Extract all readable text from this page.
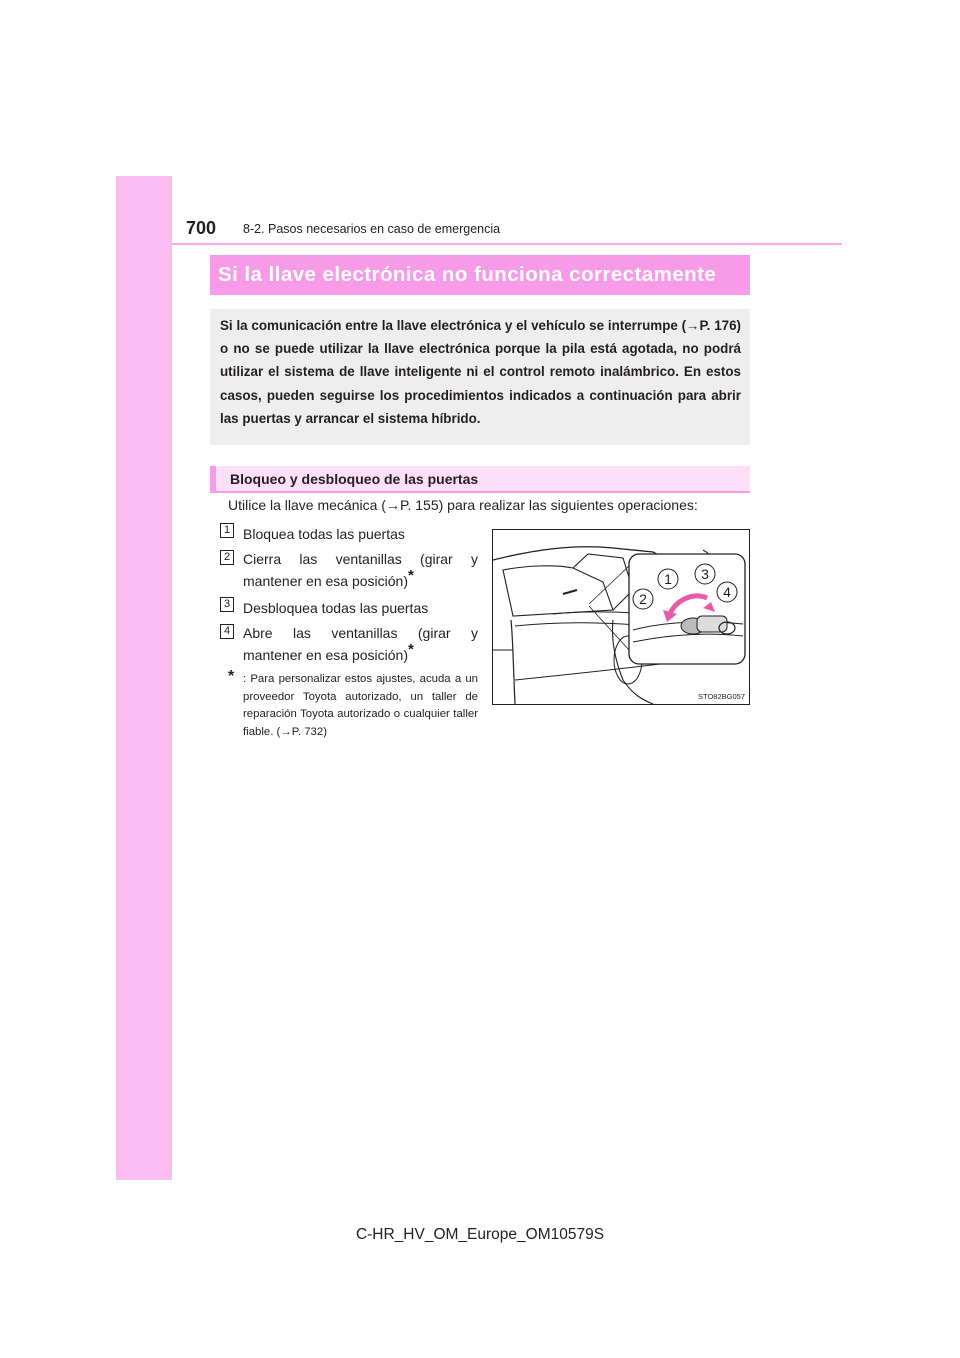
700 8-2. Pasos necesarios en caso de emergencia
Si la llave electrónica no funciona correctamente

Si la comunicación entre la llave electrónica y el vehículo se interrumpe (→P. 176) o no se puede utilizar la llave electrónica porque la pila está agotada, no podrá utilizar el sistema de llave inteligente ni el control remoto inalámbrico. En estos casos, pueden seguirse los procedimientos indicados a continuación para abrir las puertas y arrancar el sistema híbrido.

Bloqueo y desbloqueo de las puertas
Utilice la llave mecánica (→P. 155) para realizar las siguientes operaciones:
1 Bloquea todas las puertas
2 Cierra las ventanillas (girar y
mantener en esa posición)*
3 Desbloquea todas las puertas
4 Abre las ventanillas (girar y
mantener en esa posición)*
* : Para personalizar estos ajustes, acuda a un proveedor Toyota autorizado, un taller de reparación Toyota autorizado o cualquier taller fiable. (→P. 732)

1
2
3
4
STO82BG057
C-HR_HV_OM_Europe_OM10579S
